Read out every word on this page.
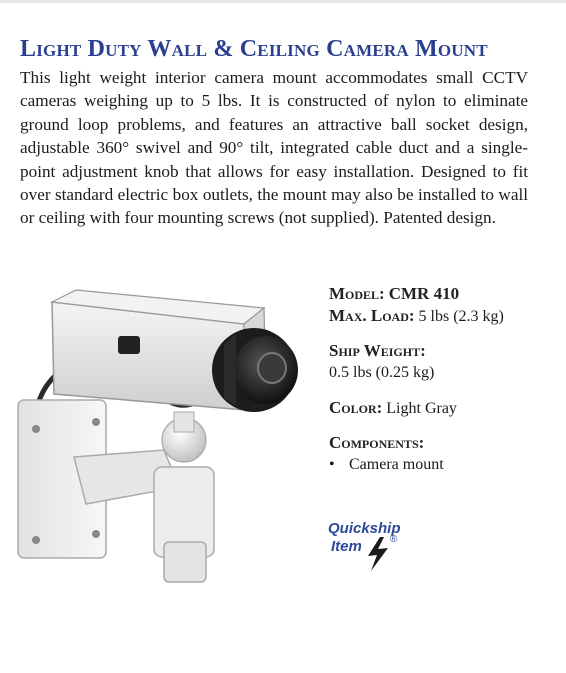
Light Duty Wall & Ceiling Camera Mount

This light weight interior camera mount accommodates small CCTV cameras weighing up to 5 lbs. It is constructed of nylon to eliminate ground loop problems, and features an attractive ball socket design, adjustable 360° swivel and 90° tilt, integrated cable duct and a single-point adjustment knob that allows for easy installation. Designed to fit over standard electric box outlets, the mount may also be installed to wall or ceiling with four mounting screws (not supplied). Patented design.

Model: CMR 410
Max. Load: 5 lbs (2.3 kg)
Ship Weight:
0.5 lbs (0.25 kg)
Color: Light Gray
Components:
• Camera mount
Quickship
Item	®
